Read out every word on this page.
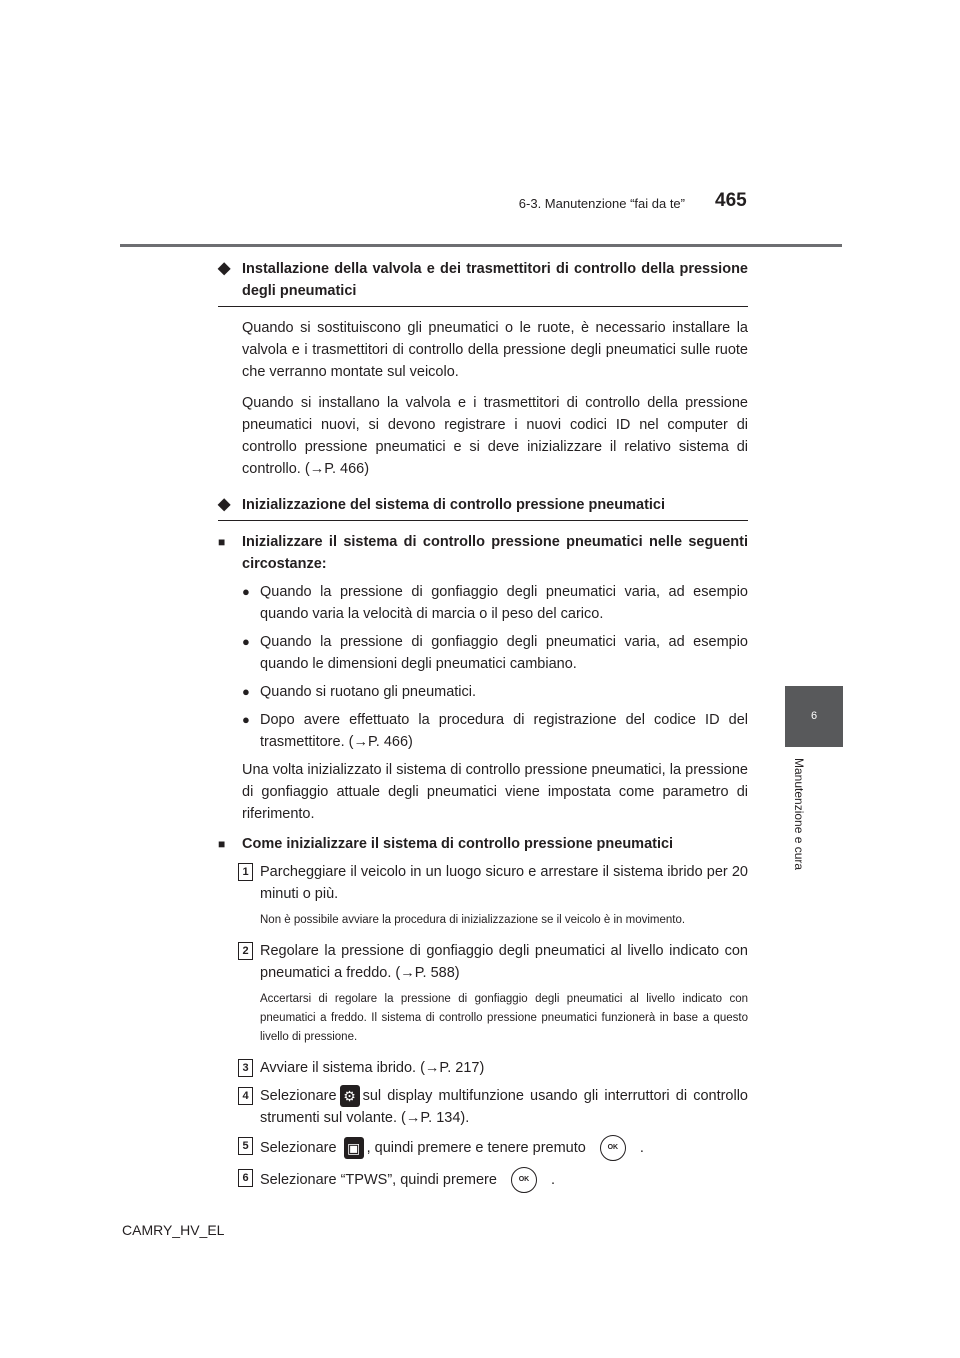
6-3. Manutenzione “fai da te” 465
6
Manutenzione e cura

◆ Installazione della valvola e dei trasmettitori di controllo della pressione degli pneumatici

Quando si sostituiscono gli pneumatici o le ruote, è necessario installare la valvola e i trasmettitori di controllo della pressione degli pneumatici sulle ruote che verranno montate sul veicolo.

Quando si installano la valvola e i trasmettitori di controllo della pressione pneumatici nuovi, si devono registrare i nuovi codici ID nel computer di controllo pressione pneumatici e si deve inizializzare il relativo sistema di controllo. (→P. 466)

◆ Inizializzazione del sistema di controllo pressione pneumatici

■ Inizializzare il sistema di controllo pressione pneumatici nelle seguenti circostanze:

● Quando la pressione di gonfiaggio degli pneumatici varia, ad esempio quando varia la velocità di marcia o il peso del carico.

● Quando la pressione di gonfiaggio degli pneumatici varia, ad esempio quando le dimensioni degli pneumatici cambiano.

● Quando si ruotano gli pneumatici.

● Dopo avere effettuato la procedura di registrazione del codice ID del trasmettitore. (→P. 466)

Una volta inizializzato il sistema di controllo pressione pneumatici, la pressione di gonfiaggio attuale degli pneumatici viene impostata come parametro di riferimento.

■ Come inizializzare il sistema di controllo pressione pneumatici

1 Parcheggiare il veicolo in un luogo sicuro e arrestare il sistema ibrido per 20 minuti o più.

Non è possibile avviare la procedura di inizializzazione se il veicolo è in movimento.

2 Regolare la pressione di gonfiaggio degli pneumatici al livello indicato con pneumatici a freddo. (→P. 588)

Accertarsi di regolare la pressione di gonfiaggio degli pneumatici al livello indicato con pneumatici a freddo. Il sistema di controllo pressione pneumatici funzionerà in base a questo livello di pressione.

3 Avviare il sistema ibrido. (→P. 217)

4 Selezionare ⚙ sul display multifunzione usando gli interruttori di controllo strumenti sul volante. (→P. 134).

5 Selezionare ▣ , quindi premere e tenere premuto	OK .

6 Selezionare “TPWS”, quindi premere	OK .

CAMRY_HV_EL
